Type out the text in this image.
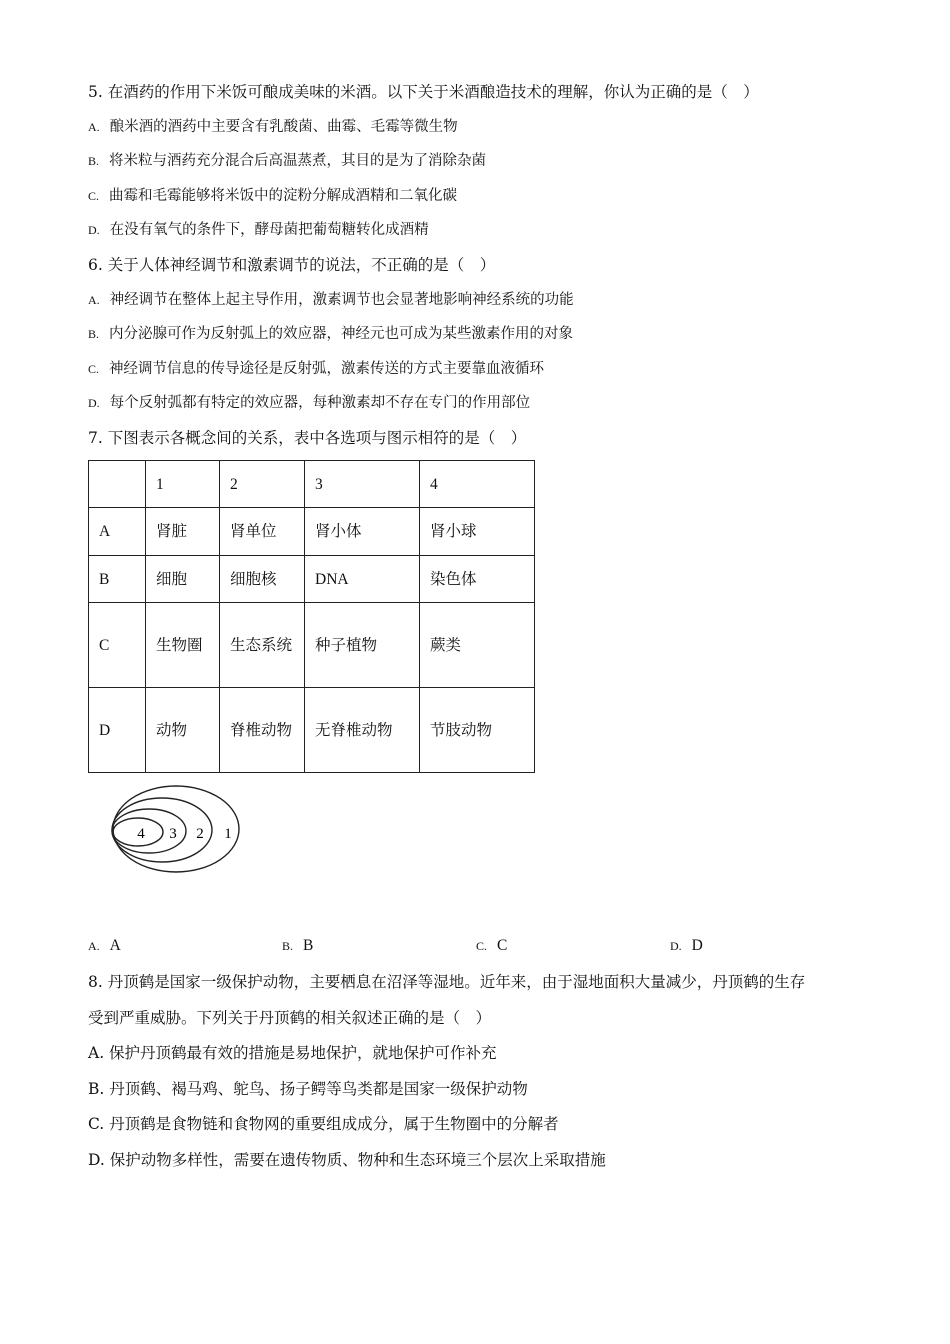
5. 在酒药的作用下米饭可酿成美味的米酒。以下关于米酒酿造技术的理解，你认为正确的是（　）
A. 酿米酒的酒药中主要含有乳酸菌、曲霉、毛霉等微生物
B. 将米粒与酒药充分混合后高温蒸煮，其目的是为了消除杂菌
C. 曲霉和毛霉能够将米饭中的淀粉分解成酒精和二氧化碳
D. 在没有氧气的条件下，酵母菌把葡萄糖转化成酒精
6. 关于人体神经调节和激素调节的说法，不正确的是（　）
A. 神经调节在整体上起主导作用，激素调节也会显著地影响神经系统的功能
B. 内分泌腺可作为反射弧上的效应器，神经元也可成为某些激素作用的对象
C. 神经调节信息的传导途径是反射弧，激素传送的方式主要靠血液循环
D. 每个反射弧都有特定的效应器，每种激素却不存在专门的作用部位
7. 下图表示各概念间的关系，表中各选项与图示相符的是（　）
	1	2	3	4
A	肾脏	肾单位	肾小体	肾小球
B	细胞	细胞核	DNA	染色体
C	生物圈	生态系统	种子植物	蕨类
D	动物	脊椎动物	无脊椎动物	节肢动物
4 3 2 1
A. A	B. B	C. C	D. D
8. 丹顶鹤是国家一级保护动物，主要栖息在沼泽等湿地。近年来，由于湿地面积大量减少，丹顶鹤的生存
受到严重威胁。下列关于丹顶鹤的相关叙述正确的是（　）
A. 保护丹顶鹤最有效的措施是易地保护，就地保护可作补充
B. 丹顶鹤、褐马鸡、鸵鸟、扬子鳄等鸟类都是国家一级保护动物
C. 丹顶鹤是食物链和食物网的重要组成成分，属于生物圈中的分解者
D. 保护动物多样性，需要在遗传物质、物种和生态环境三个层次上采取措施
